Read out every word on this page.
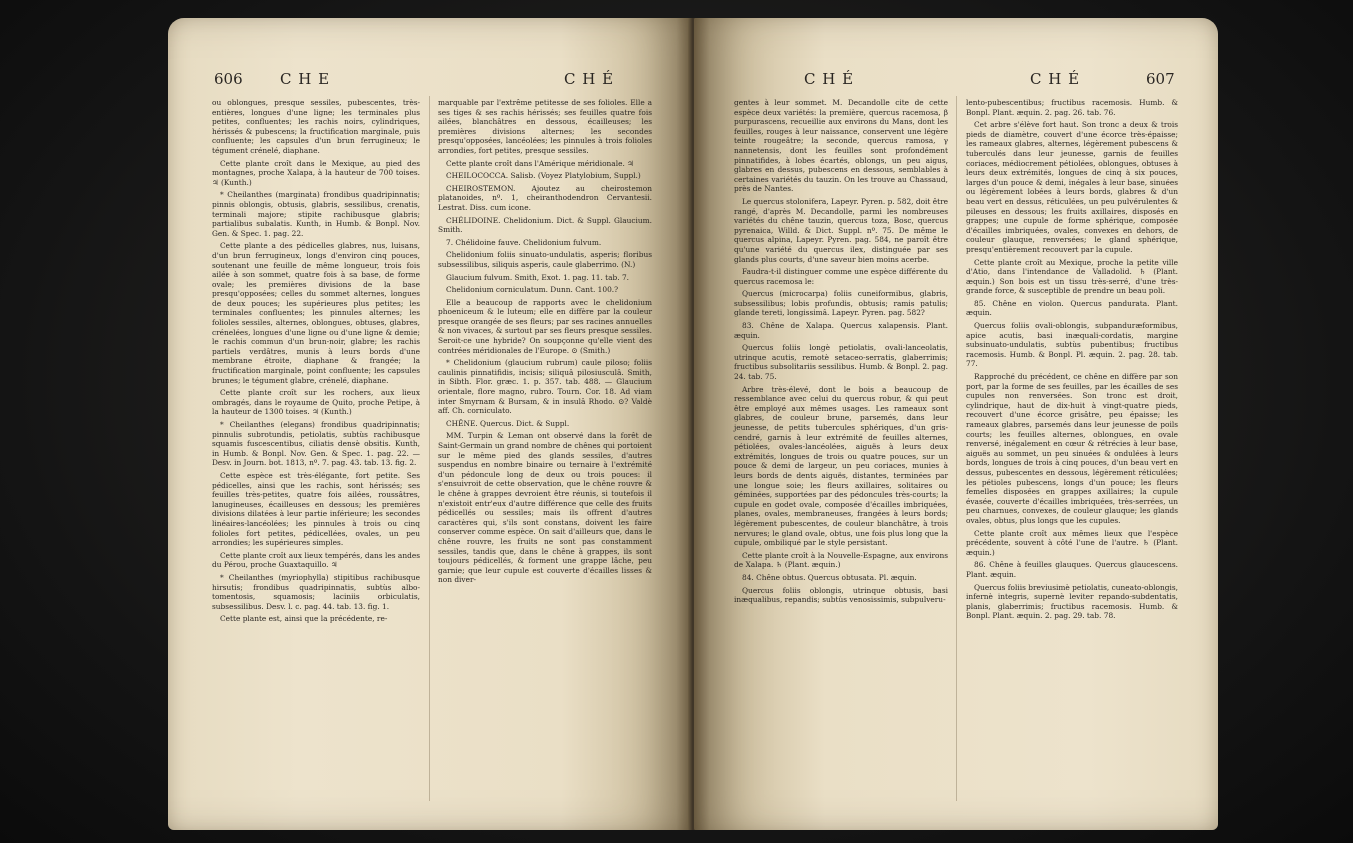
606 C H E	C H É

ou oblongues, presque sessiles, pubescentes, très-entières, longues d'une ligne; les terminales plus petites, confluentes; les rachis noirs, cylindriques, hérissés & pubescens; la fructification marginale, puis confluente; les capsules d'un brun ferrugineux; le tégument crénelé, diaphane.

Cette plante croît dans le Mexique, au pied des montagnes, proche Xalapa, à la hauteur de 700 toises. ♃ (Kunth.)

* Cheilanthes (marginata) frondibus quadripinnatis; pinnis oblongis, obtusis, glabris, sessilibus, crenatis, terminali majore; stipite rachibusque glabris; partialibus subalatis. Kunth, in Humb. & Bonpl. Nov. Gen. & Spec. 1. pag. 22.

Cette plante a des pédicelles glabres, nus, luisans, d'un brun ferrugineux, longs d'environ cinq pouces, soutenant une feuille de même longueur, trois fois ailée à son sommet, quatre fois à sa base, de forme ovale; les premières divisions de la base presqu'opposées; celles du sommet alternes, longues de deux pouces; les supérieures plus petites; les terminales confluentes; les pinnules alternes; les folioles sessiles, alternes, oblongues, obtuses, glabres, crénelées, longues d'une ligne ou d'une ligne & demie; le rachis commun d'un brun-noir, glabre; les rachis partiels verdâtres, munis à leurs bords d'une membrane étroite, diaphane & frangée; la fructification marginale, point confluente; les capsules brunes; le tégument glabre, crénelé, diaphane.

Cette plante croît sur les rochers, aux lieux ombragés, dans le royaume de Quito, proche Petipe, à la hauteur de 1300 toises. ♃ (Kunth.)

* Cheilanthes (elegans) frondibus quadripinnatis; pinnulis subrotundis, petiolatis, subtùs rachibusque squamis fuscescentibus, ciliatis densè obsitis. Kunth, in Humb. & Bonpl. Nov. Gen. & Spec. 1. pag. 22. — Desv. in Journ. bot. 1813, nº. 7. pag. 43. tab. 13. fig. 2.

Cette espèce est très-élégante, fort petite. Ses pédicelles, ainsi que les rachis, sont hérissés; ses feuilles très-petites, quatre fois ailées, roussâtres, lanugineuses, écailleuses en dessous; les premières divisions dilatées à leur partie inférieure; les secondes linéaires-lancéolées; les pinnules à trois ou cinq folioles fort petites, pédicellées, ovales, un peu arrondies; les supérieures simples.

Cette plante croît aux lieux tempérés, dans les andes du Pérou, proche Guaxtaquillo. ♃

* Cheilanthes (myriophylla) stipitibus rachibusque hirsutis; frondibus quadripinnatis, subtùs albo-tomentosis, squamosis; laciniis orbiculatis, subsessilibus. Desv. l. c. pag. 44. tab. 13. fig. 1.

Cette plante est, ainsi que la précédente, re-

marquable par l'extrême petitesse de ses folioles. Elle a ses tiges & ses rachis hérissés; ses feuilles quatre fois ailées, blanchâtres en dessous, écailleuses; les premières divisions alternes; les secondes presqu'opposées, lancéolées; les pinnules à trois folioles arrondies, fort petites, presque sessiles.

Cette plante croît dans l'Amérique méridionale. ♃

CHEILOCOCCA. Salisb. (Voyez Platylobium, Suppl.)

CHEIROSTEMON. Ajoutez au cheirostemon platanoides, nº. 1, cheiranthodendron Cervantesii. Lestrat. Diss. cum icone.

CHÉLIDOINE. Chelidonium. Dict. & Suppl. Glaucium. Smith.

7. Chélidoine fauve. Chelidonium fulvum.

Chelidonium foliis sinuato-undulatis, asperis; floribus subsessilibus, siliquis asperis, caule glaberrimo. (N.)

Glaucium fulvum. Smith, Exot. 1. pag. 11. tab. 7.

Chelidonium corniculatum. Dunn. Cant. 100.?

Elle a beaucoup de rapports avec le chelidonium phoeniceum & le luteum; elle en diffère par la couleur presque orangée de ses fleurs; par ses racines annuelles & non vivaces, & surtout par ses fleurs presque sessiles. Seroit-ce une hybride? On soupçonne qu'elle vient des contrées méridionales de l'Europe. ⊙ (Smith.)

* Chelidonium (glaucium rubrum) caule piloso; foliis caulinis pinnatifidis, incisis; siliquâ pilosiusculâ. Smith, in Sibth. Flor. græc. 1. p. 357. tab. 488. — Glaucium orientale, flore magno, rubro. Tourn. Cor. 18. Ad viam inter Smyrnam & Bursam, & in insulâ Rhodo. ⊙? Valdè aff. Ch. corniculato.

CHÊNE. Quercus. Dict. & Suppl.

MM. Turpin & Leman ont observé dans la forêt de Saint-Germain un grand nombre de chênes qui portoient sur le même pied des glands sessiles, d'autres suspendus en nombre binaire ou ternaire à l'extrémité d'un pédoncule long de deux ou trois pouces: il s'ensuivroit de cette observation, que le chêne rouvre & le chêne à grappes devroient être réunis, si toutefois il n'existoit entr'eux d'autre différence que celle des fruits pédicellés ou sessiles; mais ils offrent d'autres caractères qui, s'ils sont constans, doivent les faire conserver comme espèce. On sait d'ailleurs que, dans le chêne rouvre, les fruits ne sont pas constamment sessiles, tandis que, dans le chêne à grappes, ils sont toujours pédicellés, & forment une grappe lâche, peu garnie; que leur cupule est couverte d'écailles lisses & non diver-

C H É	C H É	607

gentes à leur sommet. M. Decandolle cite de cette espèce deux variétés: la première, quercus racemosa, β purpurascens, recueillie aux environs du Mans, dont les feuilles, rouges à leur naissance, conservent une légère teinte rougeâtre; la seconde, quercus ramosa, γ nannetensis, dont les feuilles sont profondément pinnatifides, à lobes écartés, oblongs, un peu aigus, glabres en dessus, pubescens en dessous, semblables à certaines variétés du tauzin. On les trouve au Chassaud, près de Nantes.

Le quercus stolonifera, Lapeyr. Pyren. p. 582, doit être rangé, d'après M. Decandolle, parmi les nombreuses variétés du chêne tauzin, quercus toza, Bosc, quercus pyrenaica, Willd. & Dict. Suppl. nº. 75. De même le quercus alpina, Lapeyr. Pyren. pag. 584, ne paroît être qu'une variété du quercus ilex, distinguée par ses glands plus courts, d'une saveur bien moins acerbe.

Faudra-t-il distinguer comme une espèce différente du quercus racemosa le:

Quercus (microcarpa) foliis cuneiformibus, glabris, subsessilibus; lobis profundis, obtusis; ramis patulis; glande tereti, longissimâ. Lapeyr. Pyren. pag. 582?

83. Chêne de Xalapa. Quercus xalapensis. Plant. æquin.

Quercus foliis longè petiolatis, ovali-lanceolatis, utrinque acutis, remotè setaceo-serratis, glaberrimis; fructibus subsolitariis sessilibus. Humb. & Bonpl. 2. pag. 24. tab. 75.

Arbre très-élevé, dont le bois a beaucoup de ressemblance avec celui du quercus robur, & qui peut être employé aux mêmes usages. Les rameaux sont glabres, de couleur brune, parsemés, dans leur jeunesse, de petits tubercules sphériques, d'un gris-cendré, garnis à leur extrémité de feuilles alternes, pétiolées, ovales-lancéolées, aiguës à leurs deux extrémités, longues de trois ou quatre pouces, sur un pouce & demi de largeur, un peu coriaces, munies à leurs bords de dents aiguës, distantes, terminées par une longue soie; les fleurs axillaires, solitaires ou géminées, supportées par des pédoncules très-courts; la cupule en godet ovale, composée d'écailles imbriquées, planes, ovales, membraneuses, frangées à leurs bords; légèrement pubescentes, de couleur blanchâtre, à trois nervures; le gland ovale, obtus, une fois plus long que la cupule, ombiliqué par le style persistant.

Cette plante croît à la Nouvelle-Espagne, aux environs de Xalapa. ♄ (Plant. æquin.)

84. Chêne obtus. Quercus obtusata. Pl. æquin.

Quercus foliis oblongis, utrinque obtusis, basi inæqualibus, repandis; subtùs venosissimis, subpulveru-

lento-pubescentibus; fructibus racemosis. Humb. & Bonpl. Plant. æquin. 2. pag. 26. tab. 76.

Cet arbre s'élève fort haut. Son tronc a deux & trois pieds de diamètre, couvert d'une écorce très-épaisse; les rameaux glabres, alternes, légèrement pubescens & tuberculés dans leur jeunesse, garnis de feuilles coriaces, médiocrement pétiolées, oblongues, obtuses à leurs deux extrémités, longues de cinq à six pouces, larges d'un pouce & demi, inégales à leur base, sinuées ou légèrement lobées à leurs bords, glabres & d'un beau vert en dessus, réticulées, un peu pulvérulentes & pileuses en dessous; les fruits axillaires, disposés en grappes; une cupule de forme sphérique, composée d'écailles imbriquées, ovales, convexes en dehors, de couleur glauque, renversées; le gland sphérique, presqu'entièrement recouvert par la cupule.

Cette plante croît au Mexique, proche la petite ville d'Atio, dans l'intendance de Valladolid. ♄ (Plant. æquin.) Son bois est un tissu très-serré, d'une très-grande force, & susceptible de prendre un beau poli.

85. Chêne en violon. Quercus pandurata. Plant. æquin.

Quercus foliis ovali-oblongis, subpanduræformibus, apice acutis, basi inæquali-cordatis, margine subsinuato-undulatis, subtùs pubentibus; fructibus racemosis. Humb. & Bonpl. Pl. æquin. 2. pag. 28. tab. 77.

Rapproché du précédent, ce chêne en diffère par son port, par la forme de ses feuilles, par les écailles de ses cupules non renversées. Son tronc est droit, cylindrique, haut de dix-huit à vingt-quatre pieds, recouvert d'une écorce grisâtre, peu épaisse; les rameaux glabres, parsemés dans leur jeunesse de poils courts; les feuilles alternes, oblongues, en ovale renversé, inégalement en cœur & rétrécies à leur base, aiguës au sommet, un peu sinuées & ondulées à leurs bords, longues de trois à cinq pouces, d'un beau vert en dessus, pubescentes en dessous, légèrement réticulées; les pétioles pubescens, longs d'un pouce; les fleurs femelles disposées en grappes axillaires; la cupule évasée, couverte d'écailles imbriquées, très-serrées, un peu charnues, convexes, de couleur glauque; les glands ovales, obtus, plus longs que les cupules.

Cette plante croît aux mêmes lieux que l'espèce précédente, souvent à côté l'une de l'autre. ♄ (Plant. æquin.)

86. Chêne à feuilles glauques. Quercus glaucescens. Plant. æquin.

Quercus foliis breviusimè petiolatis, cuneato-oblongis, infernè integris, supernè leviter repando-subdentatis, planis, glaberrimis; fructibus racemosis. Humb. & Bonpl. Plant. æquin. 2. pag. 29. tab. 78.
